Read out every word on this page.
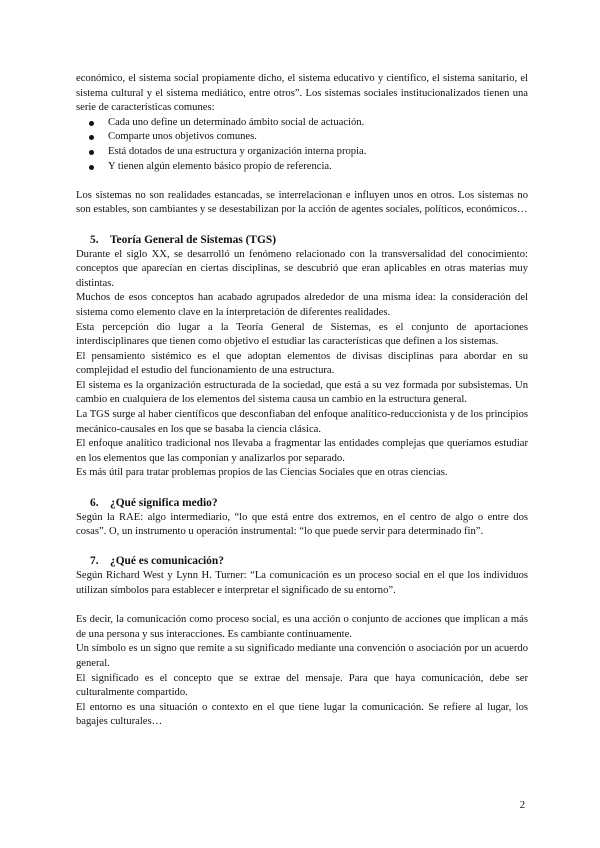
económico, el sistema social propiamente dicho, el sistema educativo y científico, el sistema sanitario, el sistema cultural y el sistema mediático, entre otros”. Los sistemas sociales institucionalizados tienen una serie de características comunes:

Cada uno define un determinado ámbito social de actuación.
Comparte unos objetivos comunes.
Está dotados de una estructura y organización interna propia.
Y tienen algún elemento básico propio de referencia.

Los sistemas no son realidades estancadas, se interrelacionan e influyen unos en otros. Los sistemas no son estables, son cambiantes y se desestabilizan por la acción de agentes sociales, políticos, económicos…

5. Teoría General de Sistemas (TGS)

Durante el siglo XX, se desarrolló un fenómeno relacionado con la transversalidad del conocimiento: conceptos que aparecían en ciertas disciplinas, se descubrió que eran aplicables en otras materias muy distintas.

Muchos de esos conceptos han acabado agrupados alrededor de una misma idea: la consideración del sistema como elemento clave en la interpretación de diferentes realidades.

Esta percepción dio lugar a la Teoría General de Sistemas, es el conjunto de aportaciones interdisciplinares que tienen como objetivo el estudiar las características que definen a los sistemas.

El pensamiento sistémico es el que adoptan elementos de divisas disciplinas para abordar en su complejidad el estudio del funcionamiento de una estructura.

El sistema es la organización estructurada de la sociedad, que está a su vez formada por subsistemas. Un cambio en cualquiera de los elementos del sistema causa un cambio en la estructura general.

La TGS surge al haber científicos que desconfiaban del enfoque analítico-reduccionista y de los principios mecánico-causales en los que se basaba la ciencia clásica.

El enfoque analítico tradicional nos llevaba a fragmentar las entidades complejas que queríamos estudiar en los elementos que las componían y analizarlos por separado.

Es más útil para tratar problemas propios de las Ciencias Sociales que en otras ciencias.

6. ¿Qué significa medio?

Según la RAE: algo intermediario, “lo que está entre dos extremos, en el centro de algo o entre dos cosas”. O, un instrumento u operación instrumental: “lo que puede servir para determinado fin”.

7. ¿Qué es comunicación?

Según Richard West y Lynn H. Turner: “La comunicación es un proceso social en el que los individuos utilizan símbolos para establecer e interpretar el significado de su entorno”.

Es decir, la comunicación como proceso social, es una acción o conjunto de acciones que implican a más de una persona y sus interacciones. Es cambiante continuamente.

Un símbolo es un signo que remite a su significado mediante una convención o asociación por un acuerdo general.

El significado es el concepto que se extrae del mensaje. Para que haya comunicación, debe ser culturalmente compartido.

El entorno es una situación o contexto en el que tiene lugar la comunicación. Se refiere al lugar, los bagajes culturales…

2
